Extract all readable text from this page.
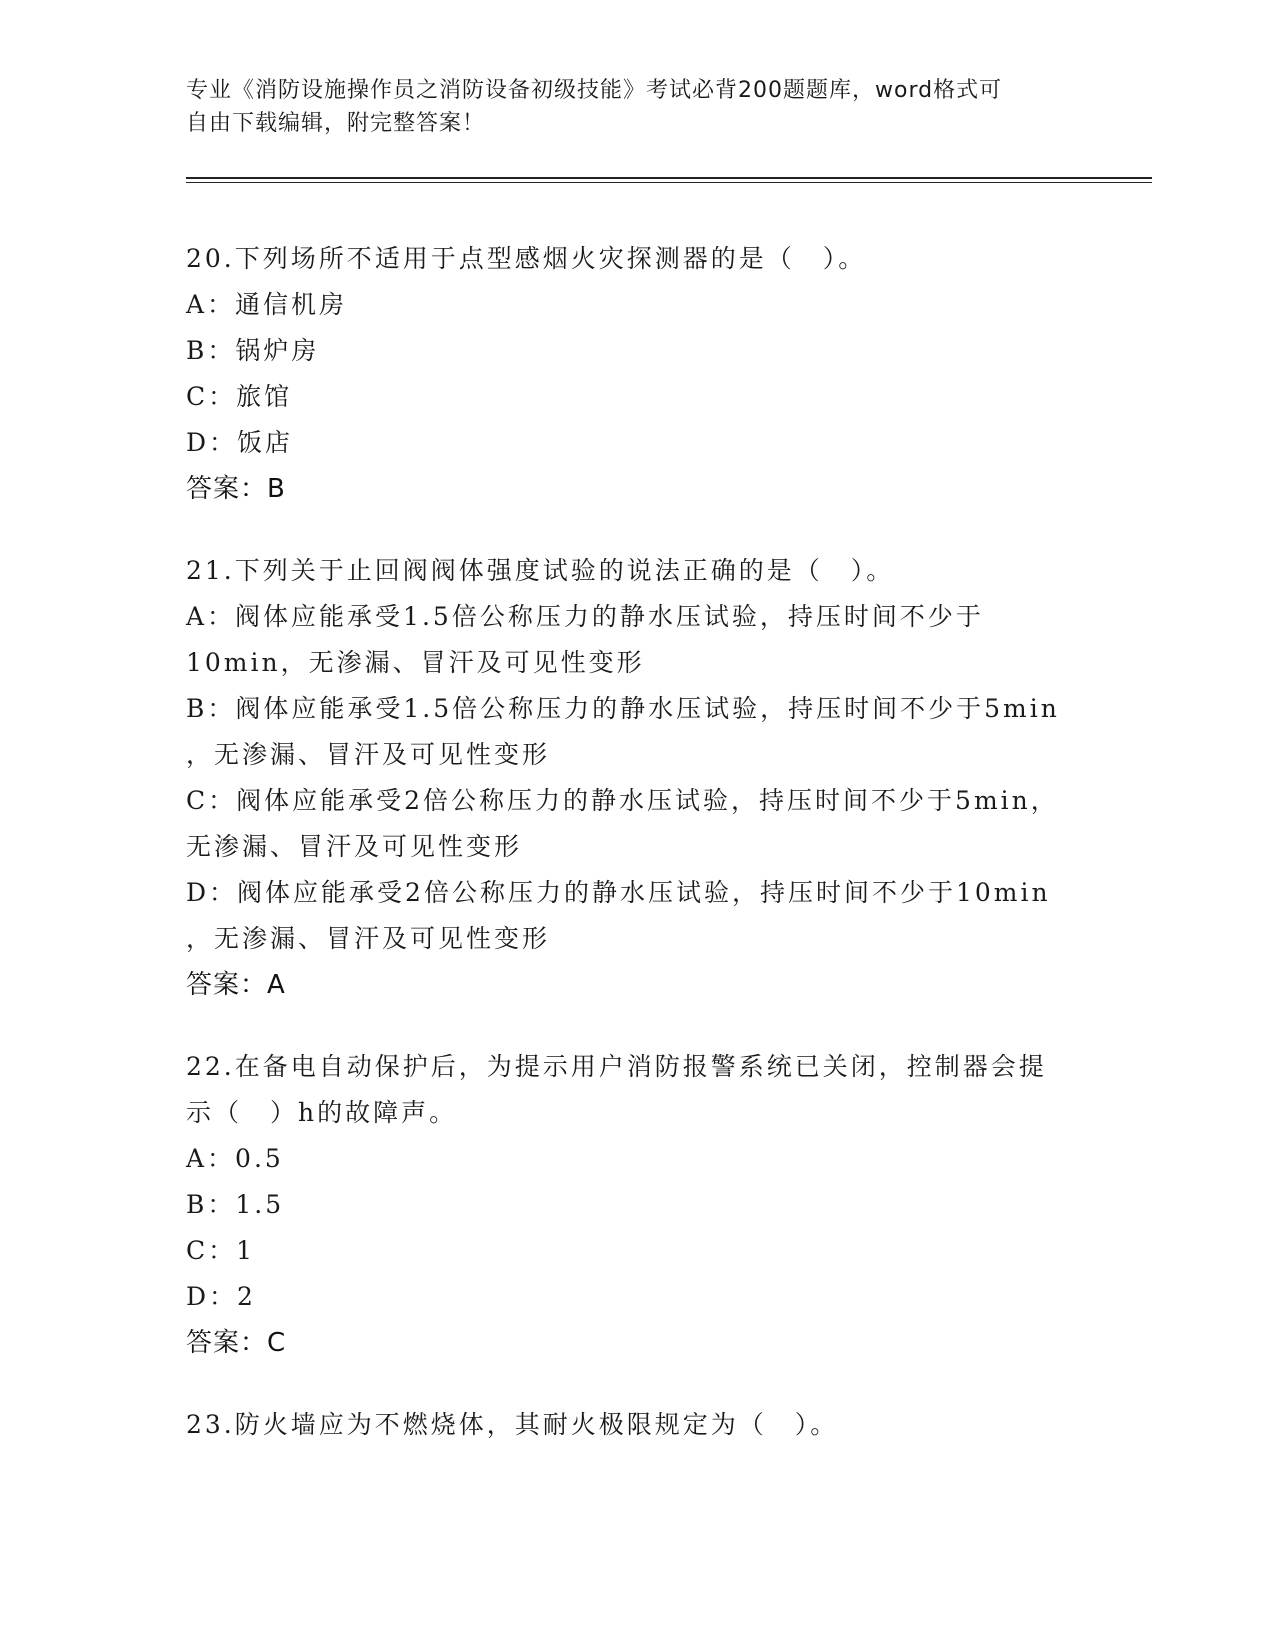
专业《消防设施操作员之消防设备初级技能》考试必背200题题库，word格式可
自由下载编辑，附完整答案！
20.下列场所不适用于点型感烟火灾探测器的是（　）。
A：通信机房
B：锅炉房
C：旅馆
D：饭店
答案：B
21.下列关于止回阀阀体强度试验的说法正确的是（　）。
A：阀体应能承受1.5倍公称压力的静水压试验，持压时间不少于
10min，无渗漏、冒汗及可见性变形
B：阀体应能承受1.5倍公称压力的静水压试验，持压时间不少于5min
，无渗漏、冒汗及可见性变形
C：阀体应能承受2倍公称压力的静水压试验，持压时间不少于5min，
无渗漏、冒汗及可见性变形
D：阀体应能承受2倍公称压力的静水压试验，持压时间不少于10min
，无渗漏、冒汗及可见性变形
答案：A
22.在备电自动保护后，为提示用户消防报警系统已关闭，控制器会提
示（　）h的故障声。
A：0.5
B：1.5
C：1
D：2
答案：C
23.防火墙应为不燃烧体，其耐火极限规定为（　）。
